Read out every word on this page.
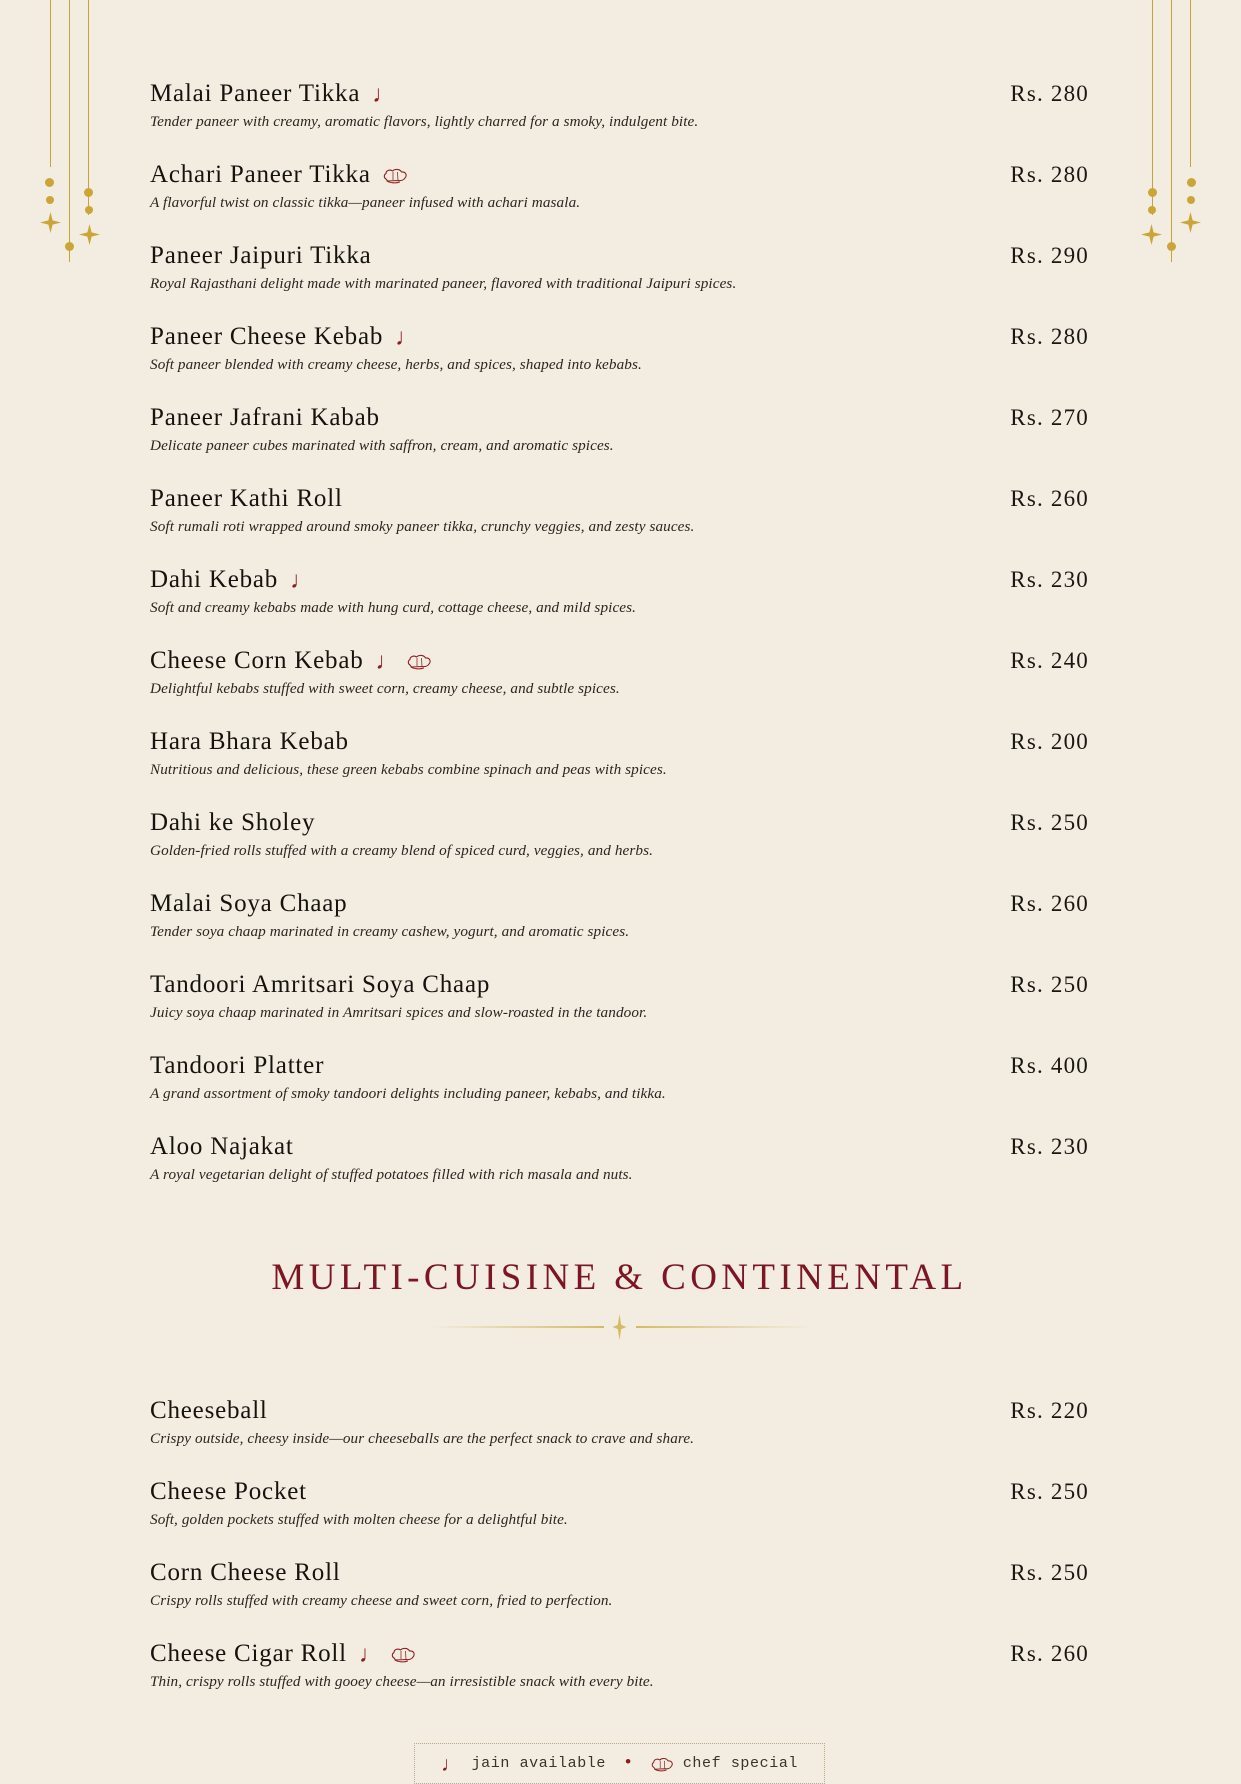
Malai Paneer Tikka ♩	Rs. 280
Tender paneer with creamy, aromatic flavors, lightly charred for a smoky, indulgent bite.
Achari Paneer Tikka	Rs. 280
A flavorful twist on classic tikka—paneer infused with achari masala.
Paneer Jaipuri Tikka	Rs. 290
Royal Rajasthani delight made with marinated paneer, flavored with traditional Jaipuri spices.
Paneer Cheese Kebab ♩	Rs. 280
Soft paneer blended with creamy cheese, herbs, and spices, shaped into kebabs.
Paneer Jafrani Kabab	Rs. 270
Delicate paneer cubes marinated with saffron, cream, and aromatic spices.
Paneer Kathi Roll	Rs. 260
Soft rumali roti wrapped around smoky paneer tikka, crunchy veggies, and zesty sauces.
Dahi Kebab ♩	Rs. 230
Soft and creamy kebabs made with hung curd, cottage cheese, and mild spices.
Cheese Corn Kebab ♩	Rs. 240
Delightful kebabs stuffed with sweet corn, creamy cheese, and subtle spices.
Hara Bhara Kebab	Rs. 200
Nutritious and delicious, these green kebabs combine spinach and peas with spices.
Dahi ke Sholey	Rs. 250
Golden-fried rolls stuffed with a creamy blend of spiced curd, veggies, and herbs.
Malai Soya Chaap	Rs. 260
Tender soya chaap marinated in creamy cashew, yogurt, and aromatic spices.
Tandoori Amritsari Soya Chaap	Rs. 250
Juicy soya chaap marinated in Amritsari spices and slow-roasted in the tandoor.
Tandoori Platter	Rs. 400
A grand assortment of smoky tandoori delights including paneer, kebabs, and tikka.
Aloo Najakat	Rs. 230
A royal vegetarian delight of stuffed potatoes filled with rich masala and nuts.
MULTI-CUISINE & CONTINENTAL
Cheeseball	Rs. 220
Crispy outside, cheesy inside—our cheeseballs are the perfect snack to crave and share.
Cheese Pocket	Rs. 250
Soft, golden pockets stuffed with molten cheese for a delightful bite.
Corn Cheese Roll	Rs. 250
Crispy rolls stuffed with creamy cheese and sweet corn, fried to perfection.
Cheese Cigar Roll ♩	Rs. 260
Thin, crispy rolls stuffed with gooey cheese—an irresistible snack with every bite.
♩ jain available •	chef special
